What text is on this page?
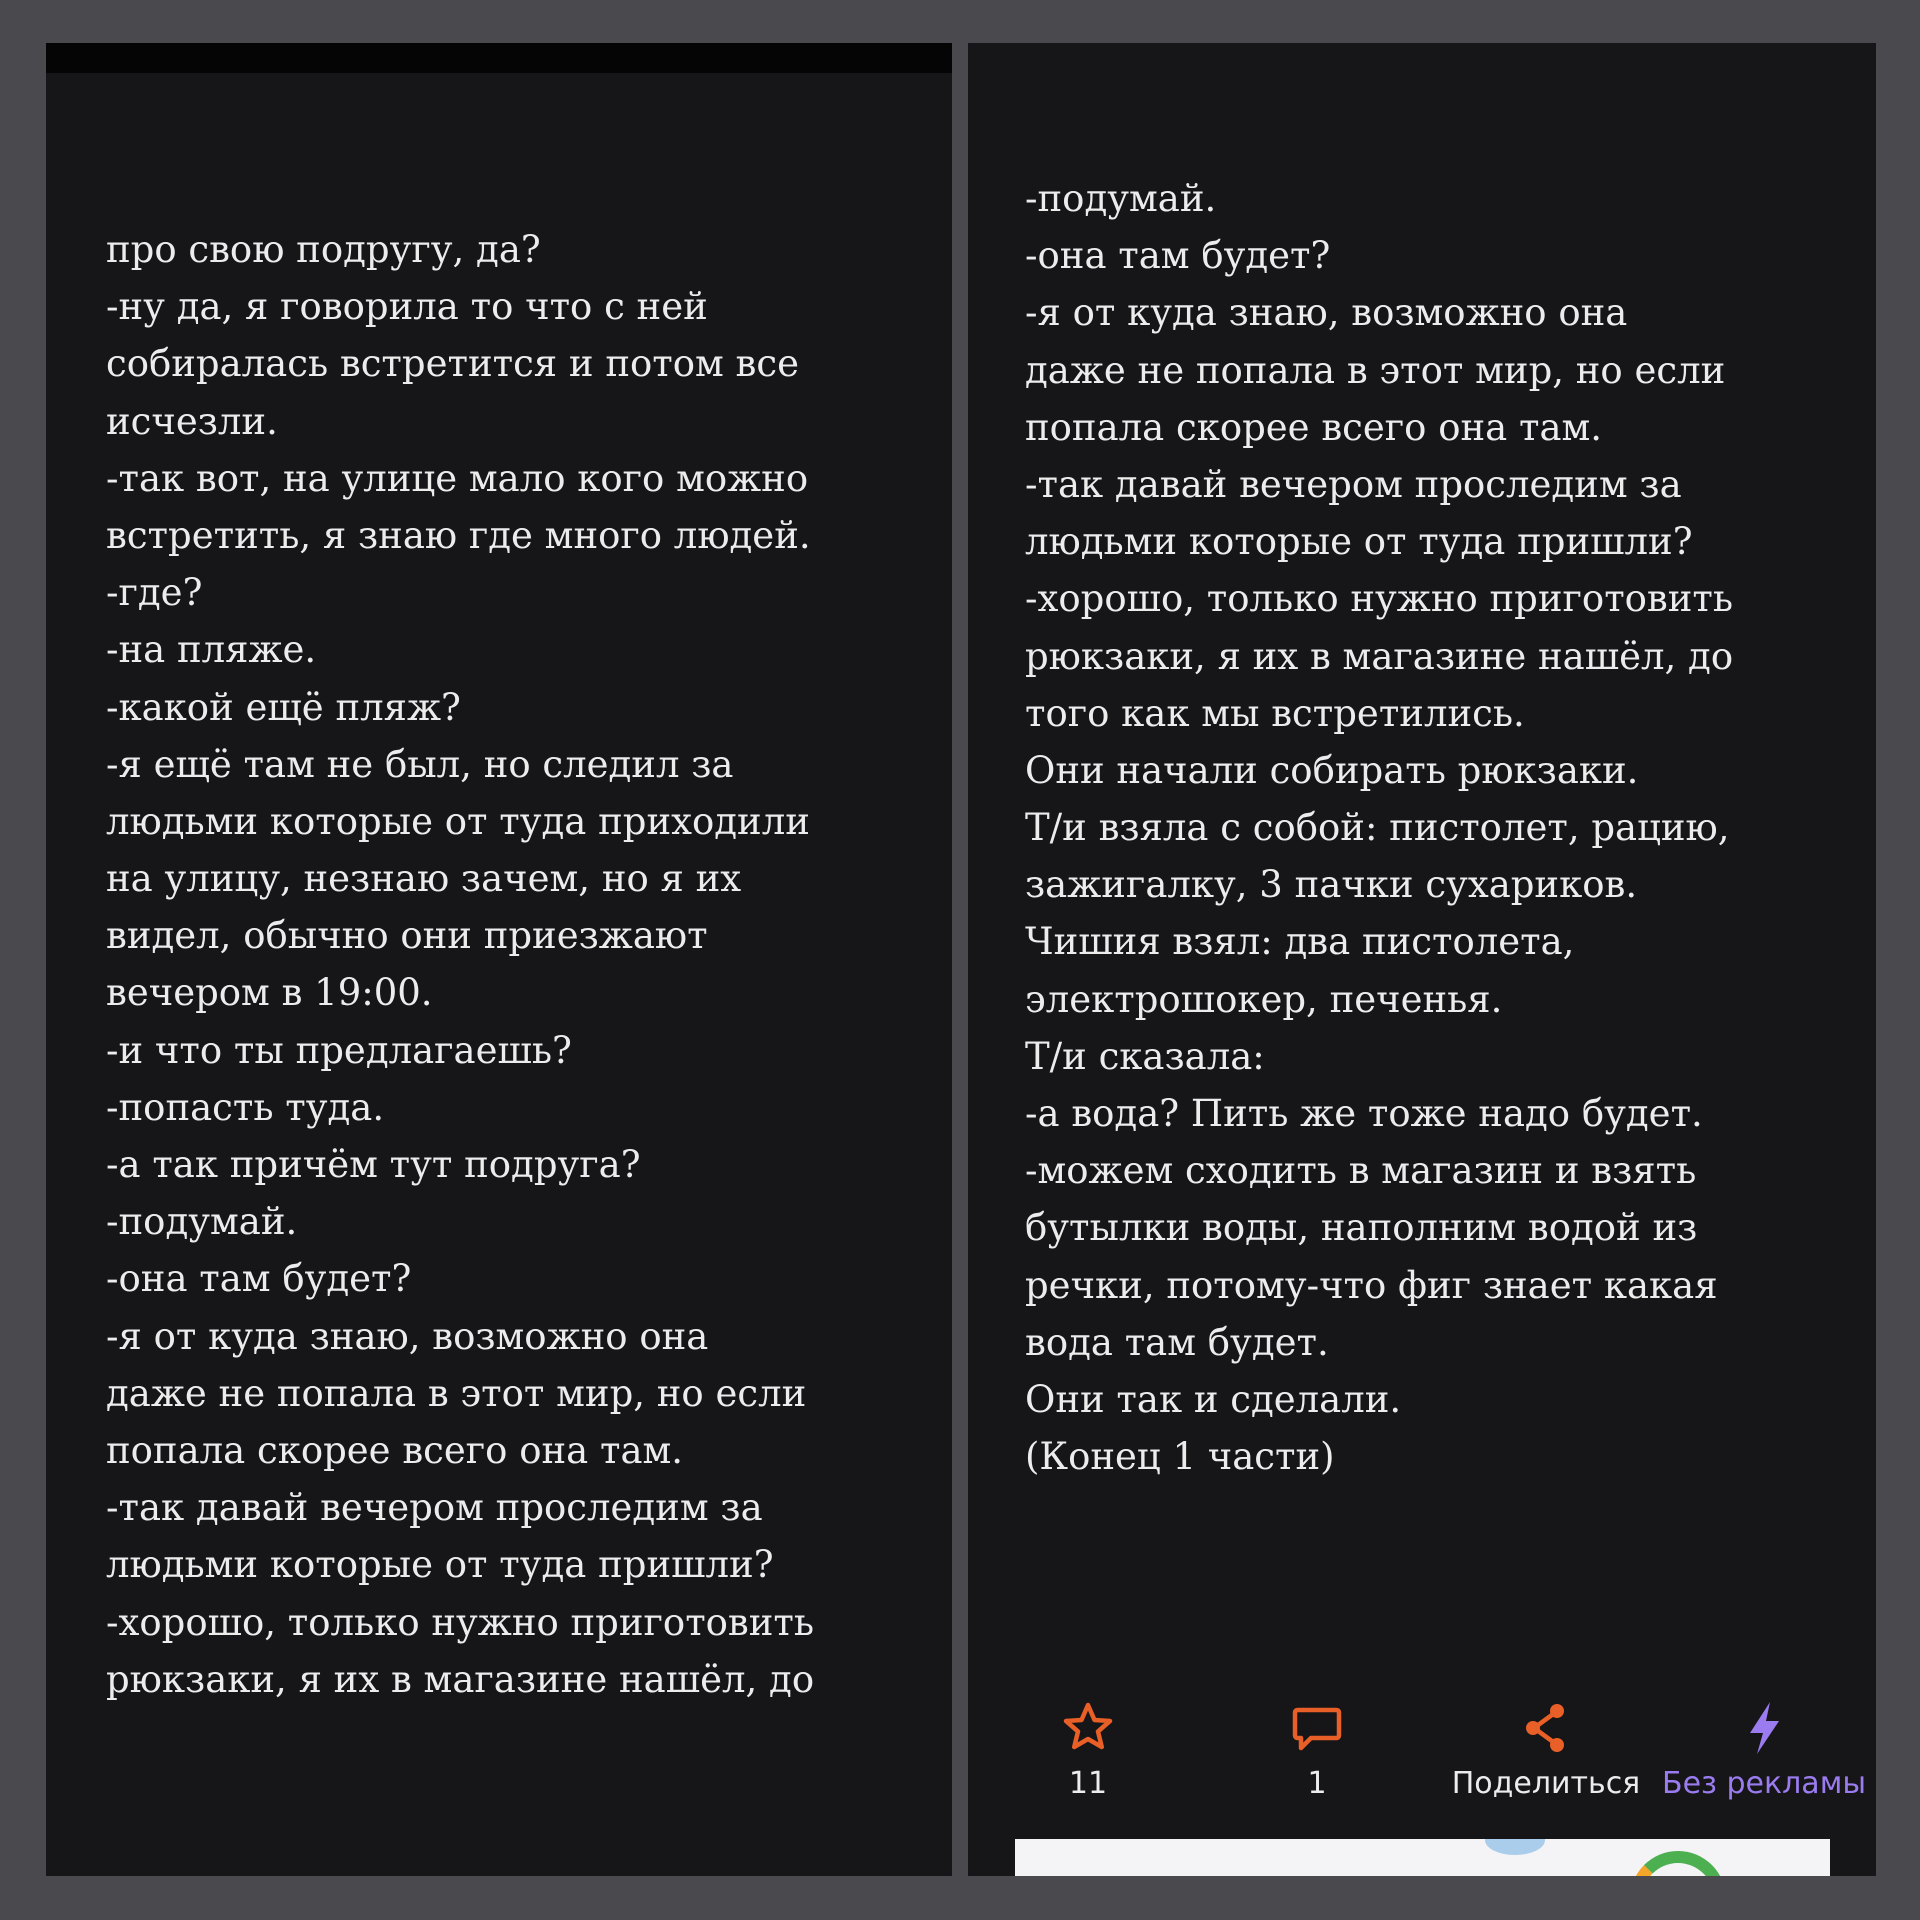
про свою подругу, да?
-ну да, я говорила то что с ней
собиралась встретится и потом все
исчезли.
-так вот, на улице мало кого можно
встретить, я знаю где много людей.
-где?
-на пляже.
-какой ещё пляж?
-я ещё там не был, но следил за
людьми которые от туда приходили
на улицу, незнаю зачем, но я их
видел, обычно они приезжают
вечером в 19:00.
-и что ты предлагаешь?
-попасть туда.
-а так причём тут подруга?
-подумай.
-она там будет?
-я от куда знаю, возможно она
даже не попала в этот мир, но если
попала скорее всего она там.
-так давай вечером проследим за
людьми которые от туда пришли?
-хорошо, только нужно приготовить
рюкзаки, я их в магазине нашёл, до
-подумай.
-она там будет?
-я от куда знаю, возможно она
даже не попала в этот мир, но если
попала скорее всего она там.
-так давай вечером проследим за
людьми которые от туда пришли?
-хорошо, только нужно приготовить
рюкзаки, я их в магазине нашёл, до
того как мы встретились.
Они начали собирать рюкзаки.
Т/и взяла с собой: пистолет, рацию,
зажигалку, 3 пачки сухариков.
Чишия взял: два пистолета,
электрошокер, печенья.
Т/и сказала:
-а вода? Пить же тоже надо будет.
-можем сходить в магазин и взять
бутылки воды, наполним водой из
речки, потому-что фиг знает какая
вода там будет.
Они так и сделали.
(Конец 1 части)
11	1	Поделиться Без рекламы
